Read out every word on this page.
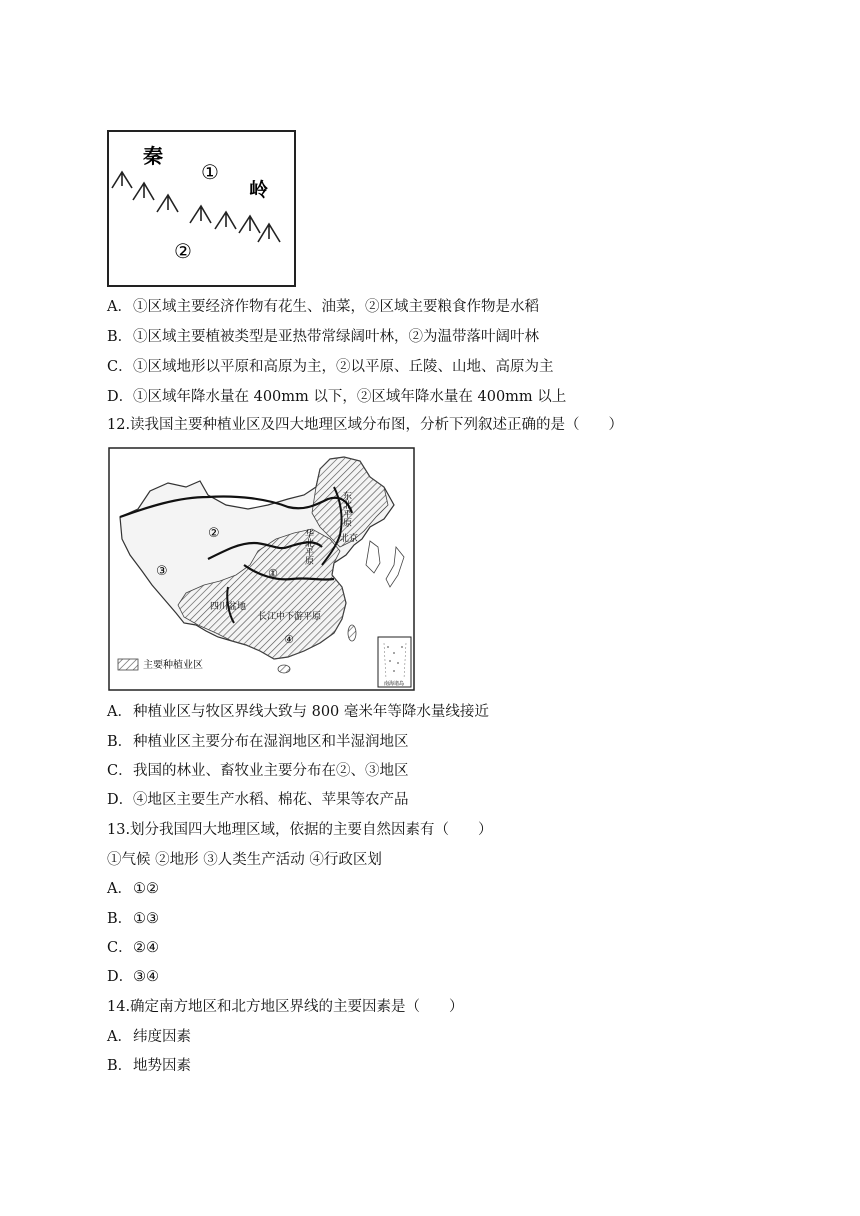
秦
①
岭
②
A．①区域主要经济作物有花生、油菜，②区域主要粮食作物是水稻
B．①区域主要植被类型是亚热带常绿阔叶林，②为温带落叶阔叶林
C．①区域地形以平原和高原为主，②以平原、丘陵、山地、高原为主
D．①区域年降水量在 400mm 以下，②区域年降水量在 400mm 以上
12.读我国主要种植业区及四大地理区域分布图，分析下列叙述正确的是（　　）
东北平原
北京
华北平原
四川盆地
长江中下游平原
②
③	①
④
主要种植业区
南海诸岛
A．种植业区与牧区界线大致与 800 毫米年等降水量线接近
B．种植业区主要分布在湿润地区和半湿润地区
C．我国的林业、畜牧业主要分布在②、③地区
D．④地区主要生产水稻、棉花、苹果等农产品
13.划分我国四大地理区域，依据的主要自然因素有（　　）
①气候 ②地形 ③人类生产活动 ④行政区划
A．①②
B．①③
C．②④
D．③④
14.确定南方地区和北方地区界线的主要因素是（　　）
A．纬度因素
B．地势因素
